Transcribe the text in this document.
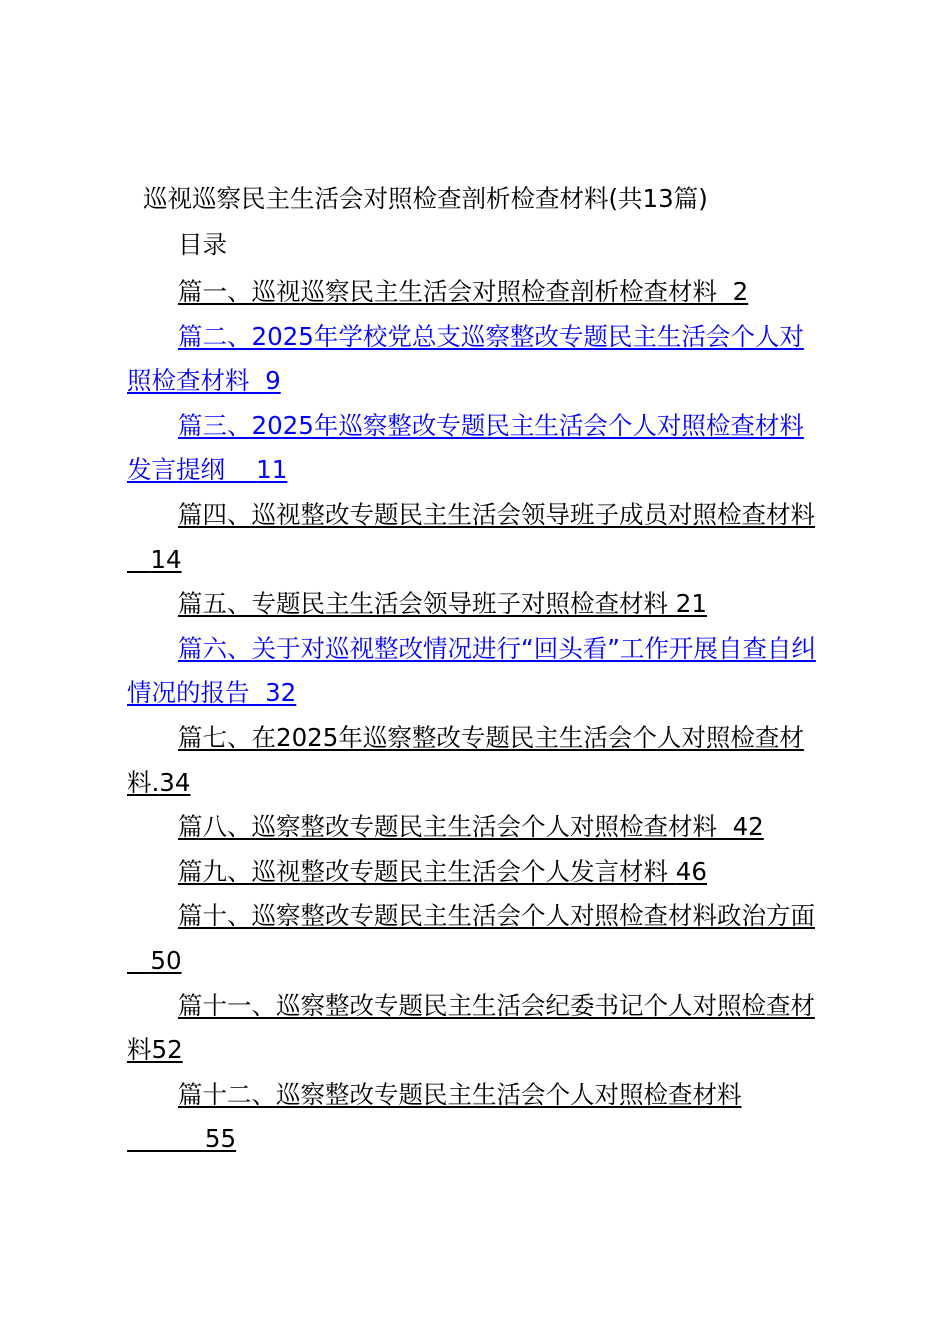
巡视巡察民主生活会对照检查剖析检查材料(共13篇)
目录
篇一、巡视巡察民主生活会对照检查剖析检查材料 2
篇二、2025年学校党总支巡察整改专题民主生活会个人对照检查材料 9
篇三、2025年巡察整改专题民主生活会个人对照检查材料发言提纲 11
篇四、巡视整改专题民主生活会领导班子成员对照检查材料   14
篇五、专题民主生活会领导班子对照检查材料 21
篇六、关于对巡视整改情况进行“回头看”工作开展自查自纠情况的报告 32
篇七、在2025年巡察整改专题民主生活会个人对照检查材料.34
篇八、巡察整改专题民主生活会个人对照检查材料 42
篇九、巡视整改专题民主生活会个人发言材料 46
篇十、巡察整改专题民主生活会个人对照检查材料政治方面   50
篇十一、巡察整改专题民主生活会纪委书记个人对照检查材料52
篇十二、巡察整改专题民主生活会个人对照检查材料          55
